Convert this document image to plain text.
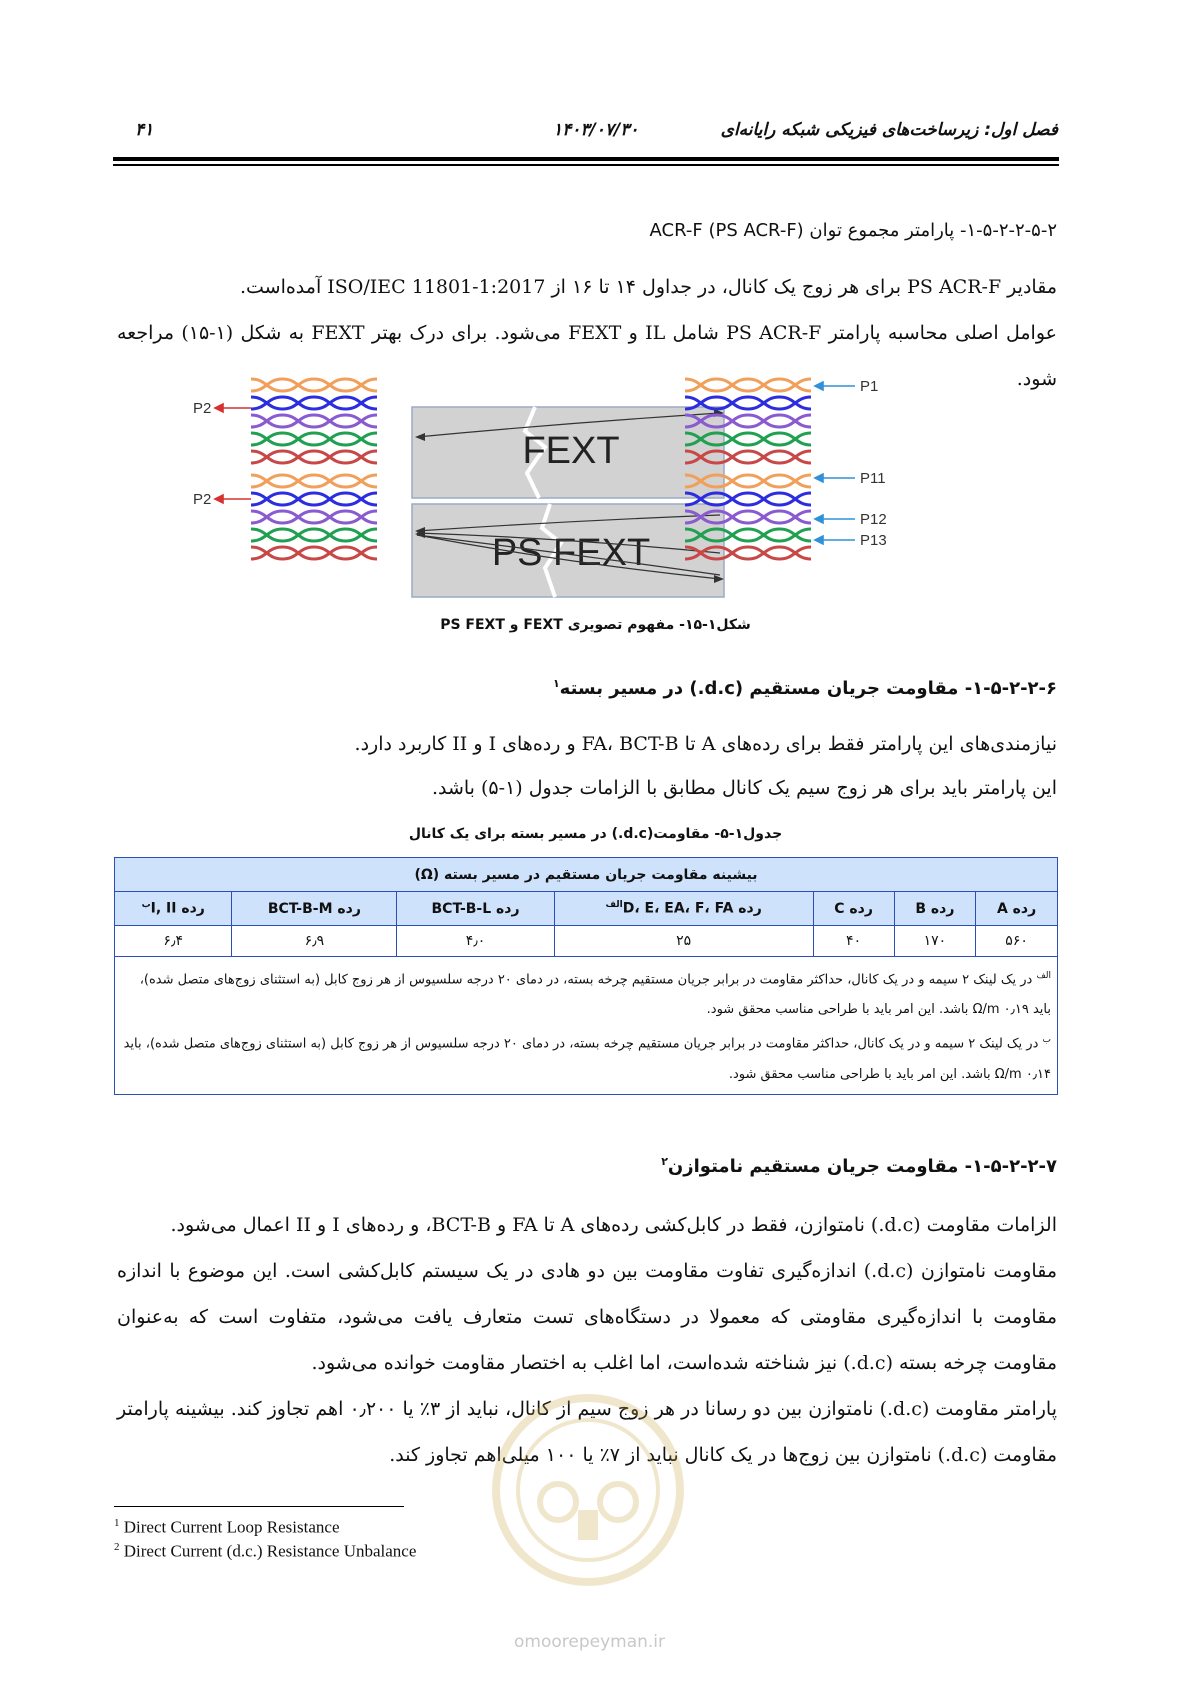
۴۱	۱۴۰۳/۰۷/۳۰	فصل اول: زیرساخت‌های فیزیکی شبکه رایانه‌ای
۱-۵-۲-۲-۵-۲- پارامتر مجموع توان ACR-F (PS ACR-F)

مقادیر PS ACR-F برای هر زوج یک کانال، در جداول ۱۴ تا ۱۶ از ISO/IEC 11801-1:2017 آمده‌است.

عوامل اصلی محاسبه پارامتر PS ACR-F شامل IL و FEXT می‌شود. برای درک بهتر FEXT به شکل (۱-۱۵) مراجعه شود.

FEXT
PS FEXT
P2
P2
P1
P11
P12
P13
شکل۱-۱۵- مفهوم تصویری FEXT و PS FEXT
۱-۵-۲-۲-۶- مقاومت جریان مستقیم (d.c.) در مسیر بسته$^۱$

نیازمندی‌های این پارامتر فقط برای رده‌های A تا FA، BCT-B و رده‌های I و II کاربرد دارد.

این پارامتر باید برای هر زوج سیم یک کانال مطابق با الزامات جدول (۱-۵) باشد.

جدول۱-۵- مقاومت(d.c.) در مسیر بسته برای یک کانال
بیشینه مقاومت جریان مستقیم در مسیر بسته (Ω)						
رده A	رده B	رده C	رده D، E، EA، F، $FA^{الف}$	رده BCT-B-L	رده BCT-B-M	رده I, $II^ب$
۵۶۰	۱۷۰	۴۰	۲۵	۴٫۰	۶٫۹	۶٫۴

$^{الف}$ در یک لینک ۲ سیمه و در یک کانال، حداکثر مقاومت در برابر جریان مستقیم چرخه بسته، در دمای ۲۰ درجه سلسیوس از هر زوج کابل (به استثنای زوج‌های متصل شده)، باید Ω/m ۰٫۱۹ باشد. این امر باید با طراحی مناسب محقق شود.
$^ب$ در یک لینک ۲ سیمه و در یک کانال، حداکثر مقاومت در برابر جریان مستقیم چرخه بسته، در دمای ۲۰ درجه سلسیوس از هر زوج کابل (به استثنای زوج‌های متصل شده)، باید Ω/m ۰٫۱۴ باشد. این امر باید با طراحی مناسب محقق شود.						
۱-۵-۲-۲-۷- مقاومت جریان مستقیم نامتوازن$^۲$

الزامات مقاومت (d.c.) نامتوازن، فقط در کابل‌کشی رده‌های A تا FA و BCT-B، و رده‌های I و II اعمال می‌شود.

مقاومت نامتوازن (d.c.) اندازه‌گیری تفاوت مقاومت بین دو هادی در یک سیستم کابل‌کشی است. این موضوع با اندازه مقاومت با اندازه‌گیری مقاومتی که معمولا در دستگاه‌های تست متعارف یافت می‌شود، متفاوت است که به‌عنوان مقاومت چرخه بسته (d.c.) نیز شناخته شده‌است، اما اغلب به اختصار مقاومت خوانده می‌شود.

پارامتر مقاومت (d.c.) نامتوازن بین دو رسانا در هر زوج سیم از کانال، نباید از ۳٪ یا ۰٫۲۰۰ اهم تجاوز کند. بیشینه پارامتر مقاومت (d.c.) نامتوازن بین زوج‌ها در یک کانال نباید از ۷٪ یا ۱۰۰ میلی‌اهم تجاوز کند.

$^1$ Direct Current Loop Resistance
$^2$ Direct Current (d.c.) Resistance Unbalance
omoorepeyman.ir
